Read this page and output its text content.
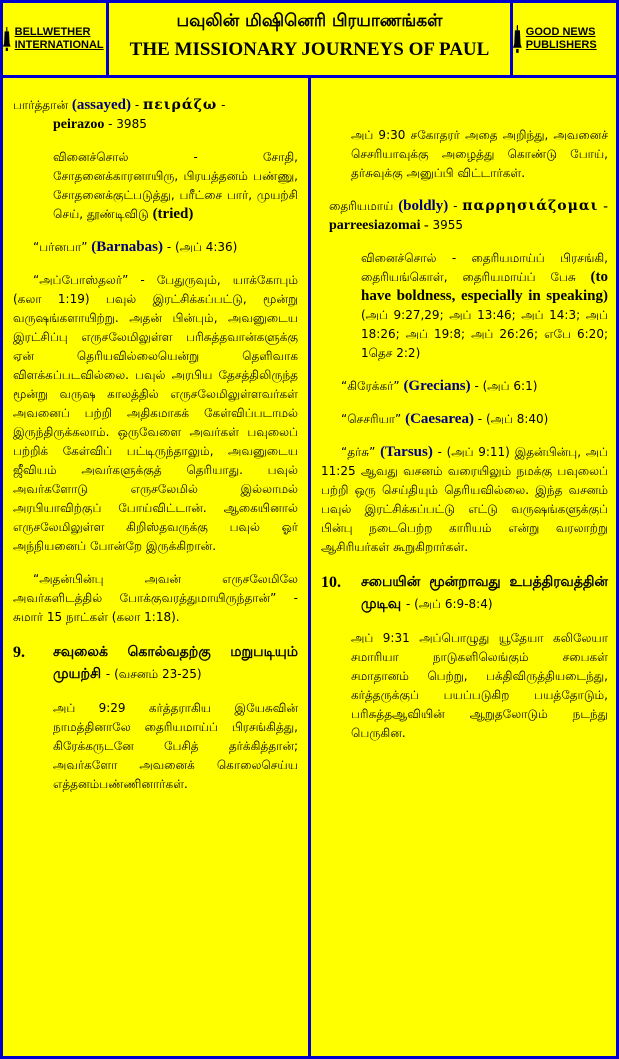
BELLWETHER INTERNATIONAL
பவுலின் மிஷினெரி பிரயாணங்கள்
THE MISSIONARY JOURNEYS OF PAUL
GOOD NEWS PUBLISHERS

பார்த்தான் (assayed) - πειράζω -

peirazoo - 3985

வினைச்சொல் - சோதி, சோதனைக்காரனாயிரு, பிரயத்தனம் பண்ணு, சோதனைக்குட்படுத்து, பரீட்சை பார், முயற்சி செய், தூண்டிவிடு (tried)

“பர்னபா” (Barnabas) - (அப் 4:36)

“அப்போஸ்தலர்” - பேதுருவும், யாக்கோபும் (கலா 1:19) பவுல் இரட்சிக்கப்பட்டு, மூன்று வருஷங்களாயிற்று. அதன் பின்பும், அவனுடைய இரட்சிப்பு எருசலேமிலுள்ள பரிசுத்தவான்களுக்கு ஏன் தெரியவில்லையென்று தெளிவாக விளக்கப்படவில்லை. பவுல் அரபிய தேசத்திலிருந்த மூன்று வருஷ காலத்தில் எருசலேமிலுள்ளவர்கள் அவனைப் பற்றி அதிகமாகக் கேள்விப்படாமல் இருந்திருக்கலாம். ஒருவேளை அவர்கள் பவுலைப் பற்றிக் கேள்விப் பட்டிருந்தாலும், அவனுடைய ஜீவியம் அவர்களுக்குத் தெரியாது. பவுல் அவர்களோடு எருசலேமில் இல்லாமல் அரபியாவிற்குப் போய்விட்டான். ஆகையினால் எருசலேமிலுள்ள கிறிஸ்தவருக்கு பவுல் ஓர் அந்நியனைப் போன்றே இருக்கிறான்.

“அதன்பின்பு அவன் எருசலேமிலே அவர்களிடத்தில் போக்குவரத்துமாயிருந்தான்” - சுமார் 15 நாட்கள் (கலா 1:18).

9.	சவுலைக் கொல்வதற்கு மறுபடியும் முயற்சி - (வசனம் 23-25)

அப் 9:29 கர்த்தராகிய இயேசுவின் நாமத்தினாலே தைரியமாய்ப் பிரசங்கித்து, கிரேக்கருடனே பேசித் தர்க்கித்தான்; அவர்களோ அவனைக் கொலைசெய்ய எத்தனம்பண்ணினார்கள்.

அப் 9:30 சகோதரர் அதை அறிந்து, அவனைச் செசரியாவுக்கு அழைத்து கொண்டு போய், தர்சுவுக்கு அனுப்பி விட்டார்கள்.

தைரியமாய் (boldly) - παρρησιάζομαι - parreesiazomai - 3955

வினைச்சொல் - தைரியமாய்ப் பிரசங்கி, தைரியங்கொள், தைரியமாய்ப் பேசு (to have boldness, especially in speaking) (அப் 9:27,29; அப் 13:46; அப் 14:3; அப் 18:26; அப் 19:8; அப் 26:26; எபே 6:20; 1தெச 2:2)

“கிரேக்கர்” (Grecians) - (அப் 6:1)

“செசரியா” (Caesarea) - (அப் 8:40)

“தர்சு” (Tarsus) - (அப் 9:11) இதன்பின்பு, அப் 11:25 ஆவது வசனம் வரையிலும் நமக்கு பவுலைப் பற்றி ஒரு செய்தியும் தெரியவில்லை. இந்த வசனம் பவுல் இரட்சிக்கப்பட்டு எட்டு வருஷங்களுக்குப் பின்பு நடைபெற்ற காரியம் என்று வரலாற்று ஆசிரியர்கள் கூறுகிறார்கள்.

10.	சபையின் மூன்றாவது உபத்திரவத்தின் முடிவு - (அப் 6:9-8:4)

அப் 9:31 அப்பொழுது யூதேயா கலிலேயா சமாரியா நாடுகளிலெங்கும் சபைகள் சமாதானம் பெற்று, பக்திவிருத்தியடைந்து, கர்த்தருக்குப் பயப்படுகிற பயத்தோடும், பரிசுத்தஆவியின் ஆறுதலோடும் நடந்து பெருகின.
